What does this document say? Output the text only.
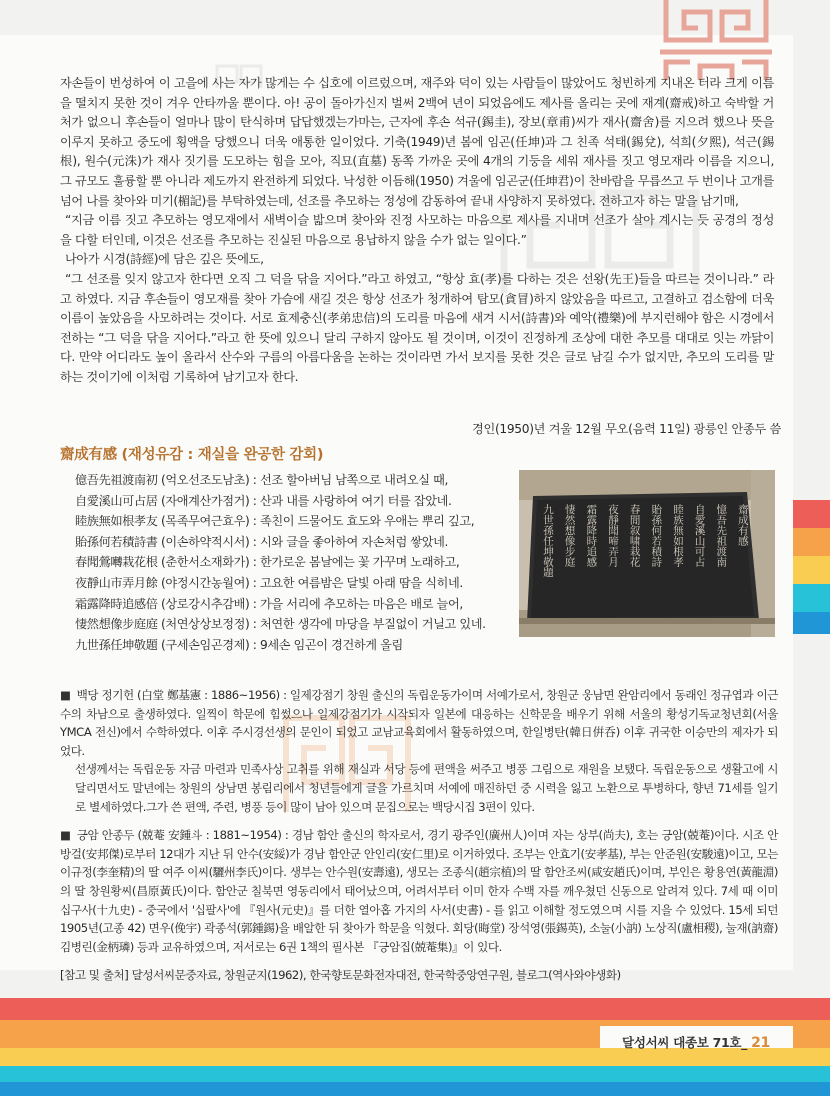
자손들이 번성하여 이 고을에 사는 자가 많게는 수 십호에 이르렀으며, 재주와 덕이 있는 사람들이 많았어도 청빈하게 지내온 터라 크게 이름을 떨치지 못한 것이 겨우 안타까울 뿐이다. 아! 공이 돌아가신지 벌써 2백여 년이 되었음에도 제사를 올리는 곳에 재계(齋戒)하고 숙박할 거처가 없으니 후손들이 얼마나 많이 탄식하며 답답했겠는가마는, 근자에 후손 석규(錫圭), 장보(章甫)씨가 재사(齋舍)를 지으려 했으나 뜻을 이루지 못하고 중도에 횡액을 당했으니 더욱 애통한 일이었다. 기축(1949)년 봄에 임곤(任坤)과 그 친족 석태(錫兌), 석희(夕熙), 석근(錫根), 원수(元洙)가 재사 짓기를 도모하는 힘을 모아, 직묘(直墓) 동쪽 가까운 곳에 4개의 기둥을 세워 재사를 짓고 영모재라 이름을 지으니, 그 규모도 훌륭할 뿐 아니라 제도까지 완전하게 되었다. 낙성한 이듬해(1950) 겨울에 임곤군(任坤君)이 찬바람을 무릅쓰고 두 번이나 고개를 넘어 나를 찾아와 미기(楣記)를 부탁하였는데, 선조를 추모하는 정성에 감동하여 끝내 사양하지 못하였다. 전하고자 하는 말을 남기매,

“지금 이름 짓고 추모하는 영모재에서 새벽이슬 밟으며 찾아와 진정 사모하는 마음으로 제사를 지내며 선조가 살아 계시는 듯 공경의 정성을 다할 터인데, 이것은 선조를 추모하는 진실된 마음으로 용납하지 않을 수가 없는 일이다.”

나아가 시경(詩經)에 담은 깊은 뜻에도,

“그 선조를 잊지 않고자 한다면 오직 그 덕을 닦을 지어다.”라고 하였고, “항상 효(孝)를 다하는 것은 선왕(先王)들을 따르는 것이니라.” 라고 하였다. 지금 후손들이 영모재를 찾아 가슴에 새길 것은 항상 선조가 청개하여 탐모(貪冒)하지 않았음을 따르고, 고결하고 검소함에 더욱 이름이 높았음을 사모하려는 것이다. 서로 효제충신(孝弟忠信)의 도리를 마음에 새겨 시서(詩書)와 예악(禮樂)에 부지런해야 함은 시경에서 전하는 “그 덕을 닦을 지어다.”라고 한 뜻에 있으니 달리 구하지 않아도 될 것이며, 이것이 진정하게 조상에 대한 추모를 대대로 잇는 까닭이다. 만약 어디라도 높이 올라서 산수와 구름의 아름다움을 논하는 것이라면 가서 보지를 못한 것은 글로 남길 수가 없지만, 추모의 도리를 말하는 것이기에 이처럼 기록하여 남기고자 한다.

경인(1950)년 겨울 12월 무오(음력 11일) 광릉인 안종두 씀
齋成有感 (재성유감 : 재실을 완공한 감회)
億吾先祖渡南初 (억오선조도남초) : 선조 할아버님 남쪽으로 내려오실 때,
自愛溪山可占居 (자애계산가점거) : 산과 내를 사랑하여 여기 터를 잡았네.
睦族無如根孝友 (목족무여근효우) : 족친이 드물어도 효도와 우애는 뿌리 깊고,
貽孫何若積詩書 (이손하약적시서) : 시와 글을 좋아하여 자손처럼 쌓았네.
春聞鶯囀栽花根 (춘한서소재화가) : 한가로운 봄날에는 꽃 가꾸며 노래하고,
夜靜山市弄月餘 (야정시간농월여) : 고요한 여름밤은 달빛 아래 땀을 식히네.
霜露降時追感倍 (상로강시추감배) : 가을 서리에 추모하는 마음은 배로 늘어,
悽然想像步庭庭 (처연상상보정정) : 처연한 생각에 마당을 부질없이 거닐고 있네.
九世孫任坤敬題 (구세손임곤경제) : 9세손 임곤이 경건하게 올림
齋成有感
憶吾先祖渡南
自愛溪山可占
睦族無如根孝
貽孫何若積詩
春閒叙啸栽花
夜靜聞啼弄月
霜露降時追感
悽然想像步庭
九世孫任坤敬題

■ 백당 정기헌 (白堂 鄭基憲 : 1886~1956) : 일제강점기 창원 출신의 독립운동가이며 서예가로서, 창원군 웅남면 완암리에서 동래인 정규엽과 이근수의 차남으로 출생하였다. 일찍이 학문에 힘썼으나 일제강점기가 시작되자 일본에 대응하는 신학문을 배우기 위해 서울의 황성기독교청년회(서울YMCA 전신)에서 수학하였다. 이후 주시경선생의 문인이 되었고 교남교육회에서 활동하였으며, 한일병탄(韓日倂呑) 이후 귀국한 이승만의 제자가 되었다.

선생께서는 독립운동 자금 마련과 민족사상 고취를 위해 재실과 서당 등에 편액을 써주고 병풍 그림으로 재원을 보탰다. 독립운동으로 생활고에 시달리면서도 말년에는 창원의 상남면 봉림리에서 청년들에게 글을 가르치며 서예에 매진하던 중 시력을 잃고 노환으로 투병하다, 향년 71세를 일기로 별세하였다.그가 쓴 편액, 주련, 병풍 등이 많이 남아 있으며 문집으로는 백당시집 3편이 있다.

■ 긍암 안종두 (兢菴 安鍾斗 : 1881~1954) : 경남 함안 출신의 학자로서, 경기 광주인(廣州人)이며 자는 상부(尚夫), 호는 긍암(兢菴)이다. 시조 안방걸(安邦傑)로부터 12대가 지난 뒤 안수(安綏)가 경남 함안군 안인리(安仁里)로 이거하였다. 조부는 안효기(安孝基), 부는 안준원(安駿遠)이고, 모는 이규정(李奎精)의 딸 여주 이씨(驪州李氏)이다. 생부는 안수원(安壽遠), 생모는 조종식(趙宗植)의 딸 함안조씨(咸安趙氏)이며, 부인은 황용연(黃龍淵)의 딸 창원황씨(昌原黃氏)이다. 함안군 칠북면 영동리에서 태어났으며, 어려서부터 이미 한자 수백 자를 깨우쳤던 신동으로 알려져 있다. 7세 때 이미 십구사(十九史) - 중국에서 '십팔사'에 『원사(元史)』를 더한 열아홉 가지의 사서(史書) - 를 읽고 이해할 정도였으며 시를 지을 수 있었다. 15세 되던 1905년(고종 42) 면우(俛宇) 곽종석(郭鍾錫)을 배알한 뒤 찾아가 학문을 익혔다. 회당(晦堂) 장석영(張錫英), 소눌(小訥) 노상직(盧相稷), 눌재(訥齋) 김병린(金柄璘) 등과 교유하였으며, 저서로는 6권 1책의 필사본 『긍암집(兢菴集)』이 있다.

[참고 및 출처] 달성서씨문중자료, 창원군지(1962), 한국향토문화전자대전, 한국학중앙연구원, 블로그(역사와야생화)

달성서씨 대종보 71호_ 21
